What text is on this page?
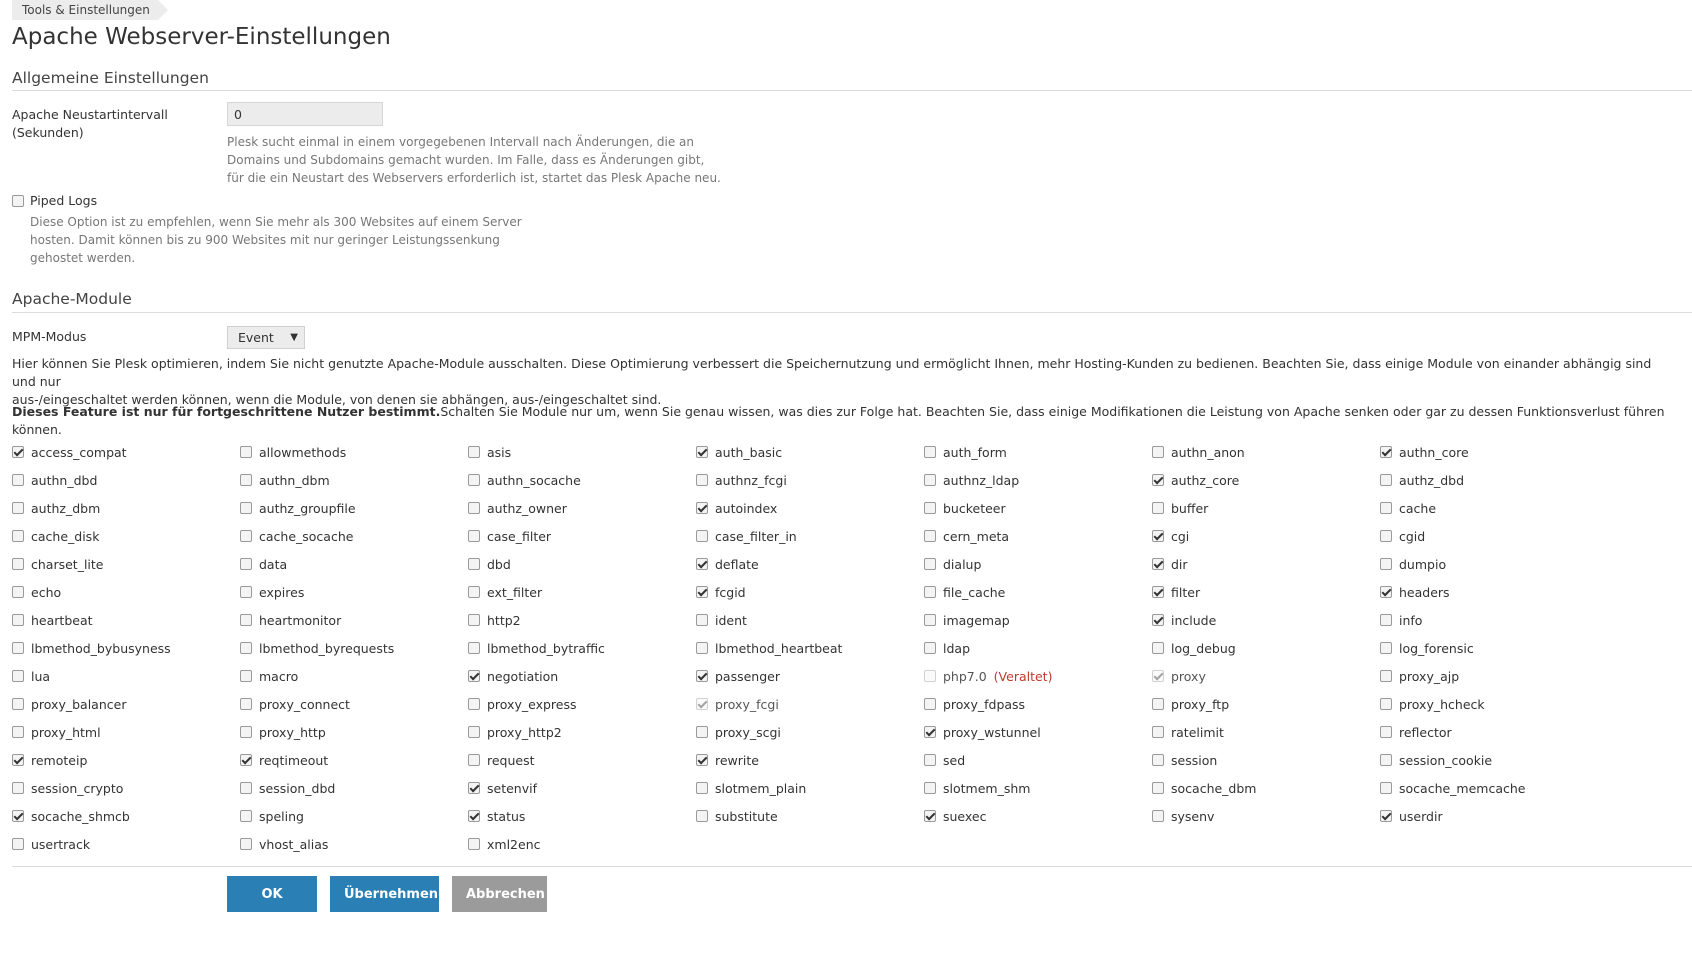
Tools & Einstellungen
Apache Webserver-Einstellungen
Allgemeine Einstellungen
Apache Neustartintervall
(Sekunden)
0
Plesk sucht einmal in einem vorgegebenen Intervall nach Änderungen, die an
Domains und Subdomains gemacht wurden. Im Falle, dass es Änderungen gibt,
für die ein Neustart des Webservers erforderlich ist, startet das Plesk Apache neu.
Piped Logs
Diese Option ist zu empfehlen, wenn Sie mehr als 300 Websites auf einem Server
hosten. Damit können bis zu 900 Websites mit nur geringer Leistungssenkung
gehostet werden.
Apache-Module
MPM-Modus	Event ▼
Hier können Sie Plesk optimieren, indem Sie nicht genutzte Apache-Module ausschalten. Diese Optimierung verbessert die Speichernutzung und ermöglicht Ihnen, mehr Hosting-Kunden zu bedienen. Beachten Sie, dass einige Module von einander abhängig sind und nur
aus-/eingeschaltet werden können, wenn die Module, von denen sie abhängen, aus-/eingeschaltet sind.
Dieses Feature ist nur für fortgeschrittene Nutzer bestimmt.Schalten Sie Module nur um, wenn Sie genau wissen, was dies zur Folge hat. Beachten Sie, dass einige Modifikationen die Leistung von Apache senken oder gar zu dessen Funktionsverlust führen können.
access_compat	allowmethods	asis	auth_basic	auth_form	authn_anon	authn_core
authn_dbd	authn_dbm	authn_socache	authnz_fcgi	authnz_ldap	authz_core	authz_dbd
authz_dbm	authz_groupfile	authz_owner	autoindex	bucketeer	buffer	cache
cache_disk	cache_socache	case_filter	case_filter_in	cern_meta	cgi	cgid
charset_lite	data	dbd	deflate	dialup	dir	dumpio
echo	expires	ext_filter	fcgid	file_cache	filter	headers
heartbeat	heartmonitor	http2	ident	imagemap	include	info
lbmethod_bybusyness	lbmethod_byrequests	lbmethod_bytraffic	lbmethod_heartbeat	ldap	log_debug	log_forensic
lua	macro	negotiation	passenger	php7.0 (Veraltet)	proxy	proxy_ajp
proxy_balancer	proxy_connect	proxy_express	proxy_fcgi	proxy_fdpass	proxy_ftp	proxy_hcheck
proxy_html	proxy_http	proxy_http2	proxy_scgi	proxy_wstunnel	ratelimit	reflector
remoteip	reqtimeout	request	rewrite	sed	session	session_cookie
session_crypto	session_dbd	setenvif	slotmem_plain	slotmem_shm	socache_dbm	socache_memcache
socache_shmcb	speling	status	substitute	suexec	sysenv	userdir
usertrack	vhost_alias	xml2enc
OK	Übernehmen	Abbrechen
